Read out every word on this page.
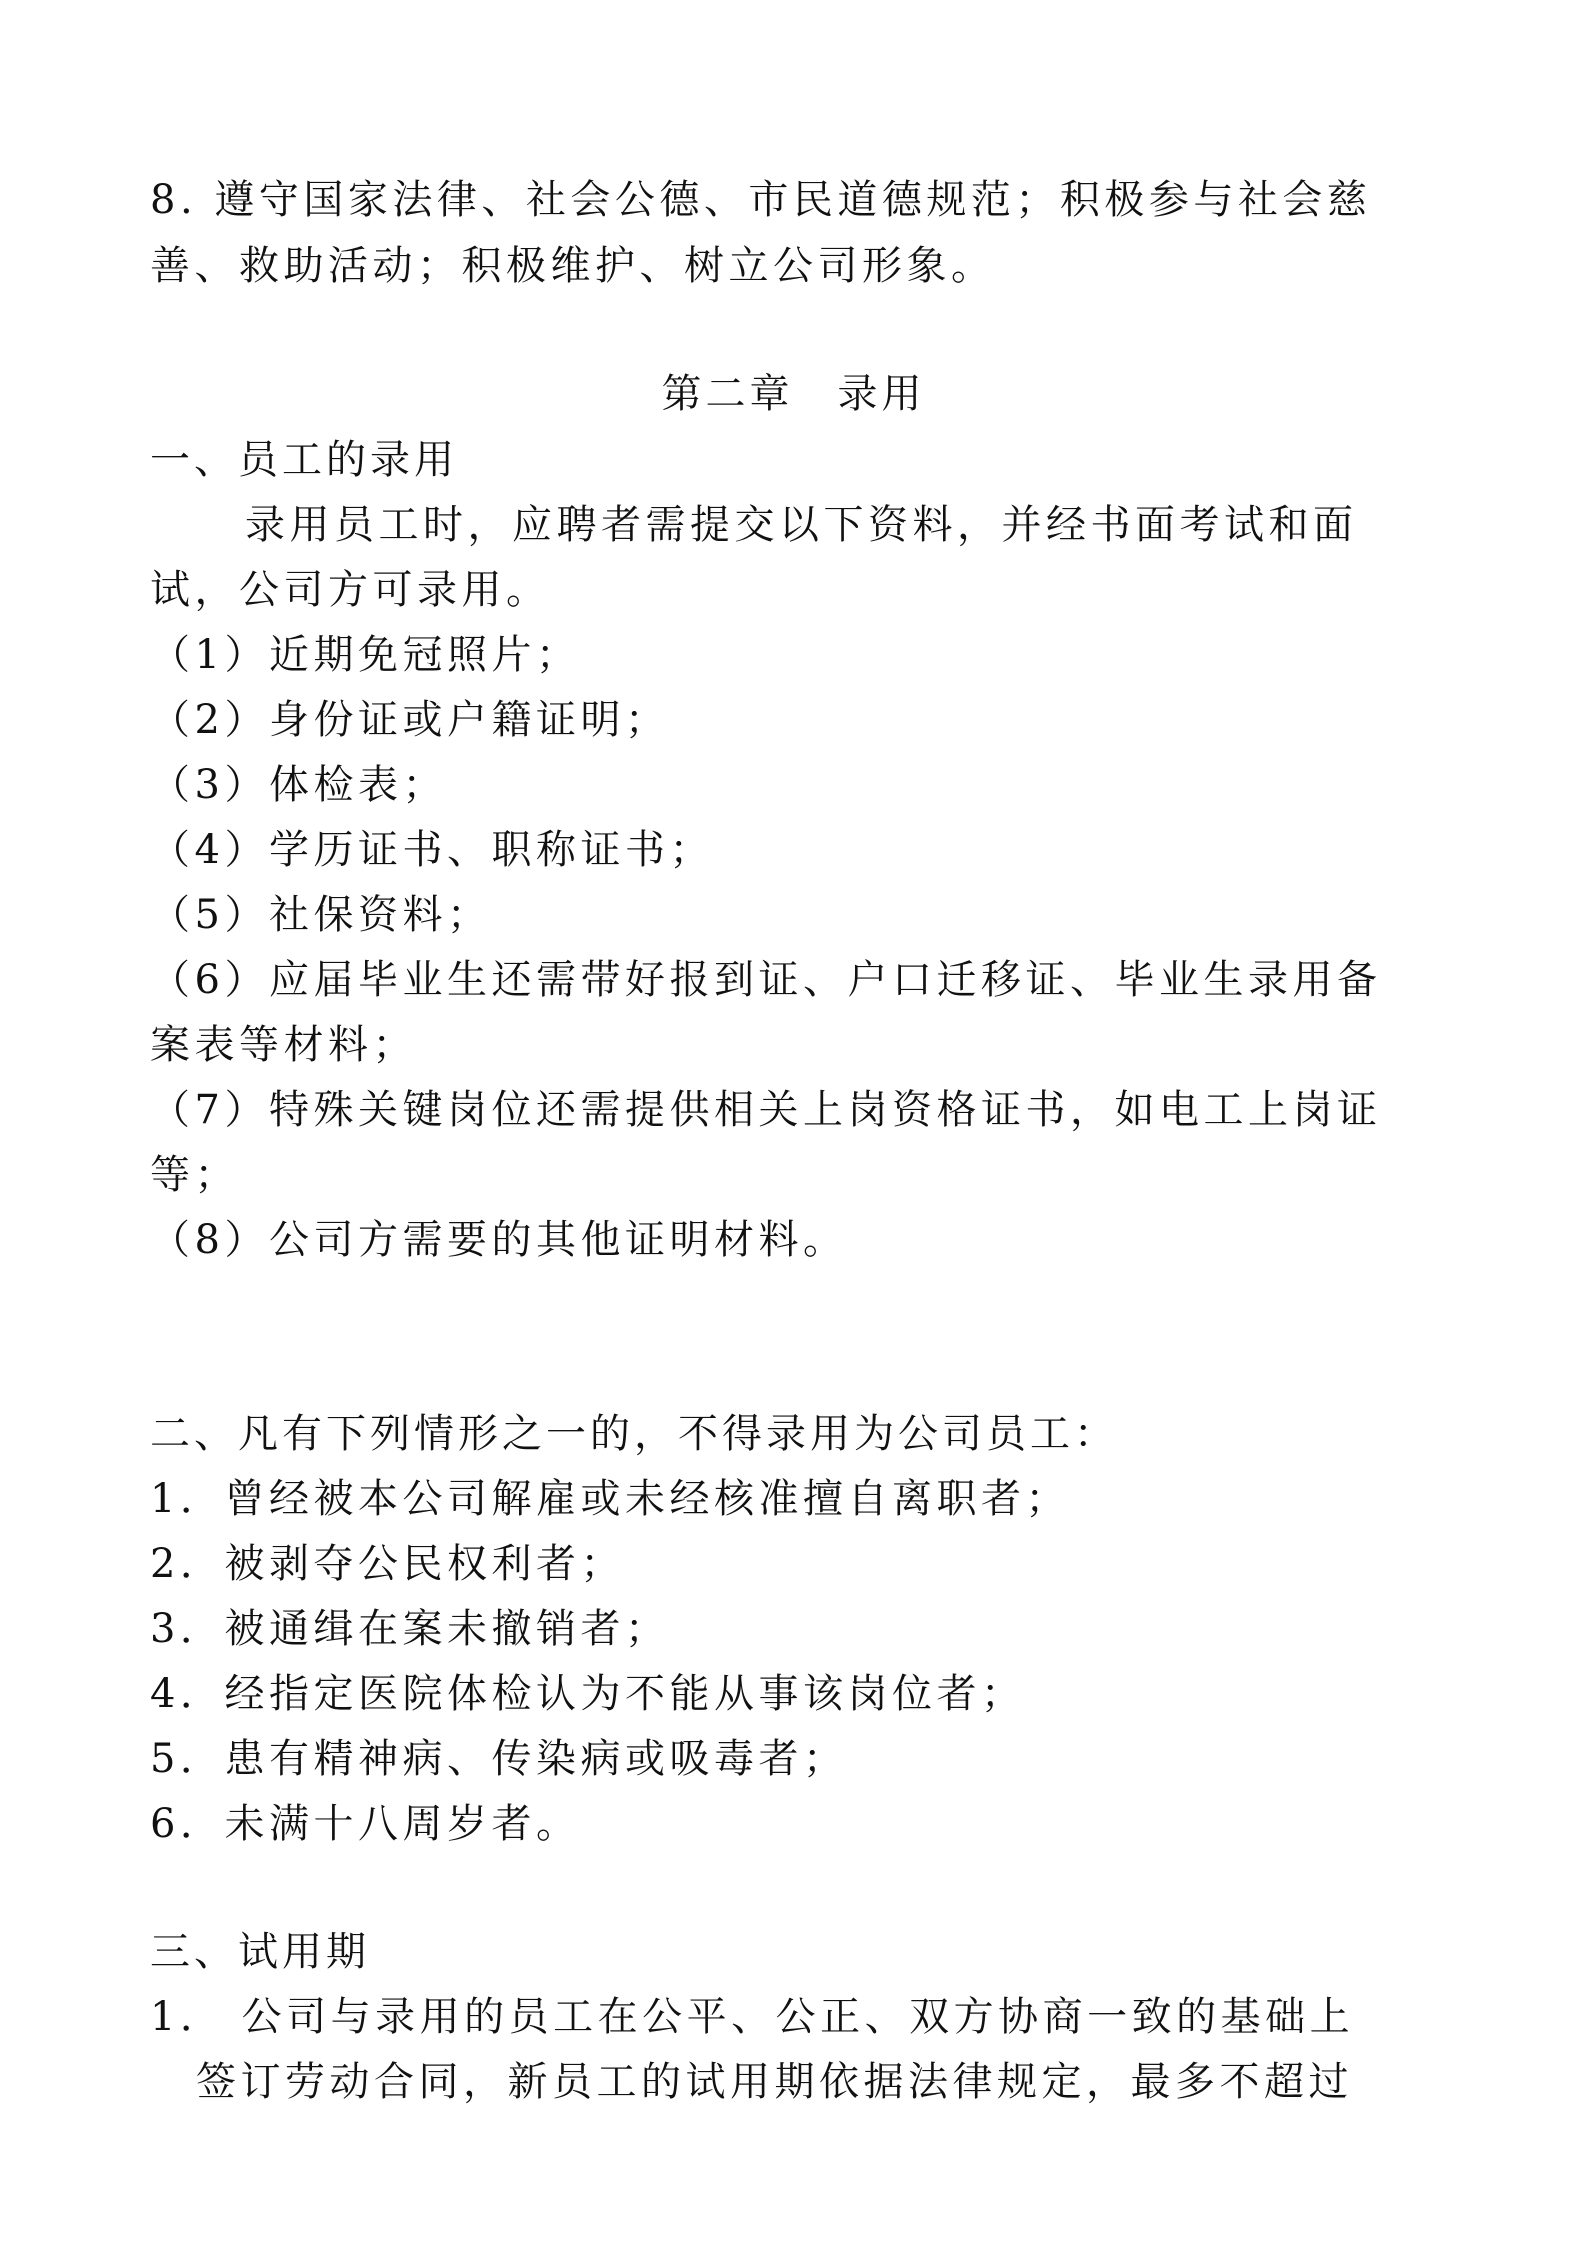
8. 遵守国家法律、社会公德、市民道德规范；积极参与社会慈
善、救助活动；积极维护、树立公司形象。
第二章　录用
一、员工的录用
录用员工时，应聘者需提交以下资料，并经书面考试和面
试，公司方可录用。
（1）近期免冠照片；
（2）身份证或户籍证明；
（3）体检表；
（4）学历证书、职称证书；
（5）社保资料；
（6）应届毕业生还需带好报到证、户口迁移证、毕业生录用备
案表等材料；
（7）特殊关键岗位还需提供相关上岗资格证书，如电工上岗证
等；
（8）公司方需要的其他证明材料。
二、凡有下列情形之一的，不得录用为公司员工：
1．曾经被本公司解雇或未经核准擅自离职者；
2．被剥夺公民权利者；
3．被通缉在案未撤销者；
4．经指定医院体检认为不能从事该岗位者；
5．患有精神病、传染病或吸毒者；
6．未满十八周岁者。
三、试用期
1． 公司与录用的员工在公平、公正、双方协商一致的基础上
签订劳动合同，新员工的试用期依据法律规定，最多不超过
